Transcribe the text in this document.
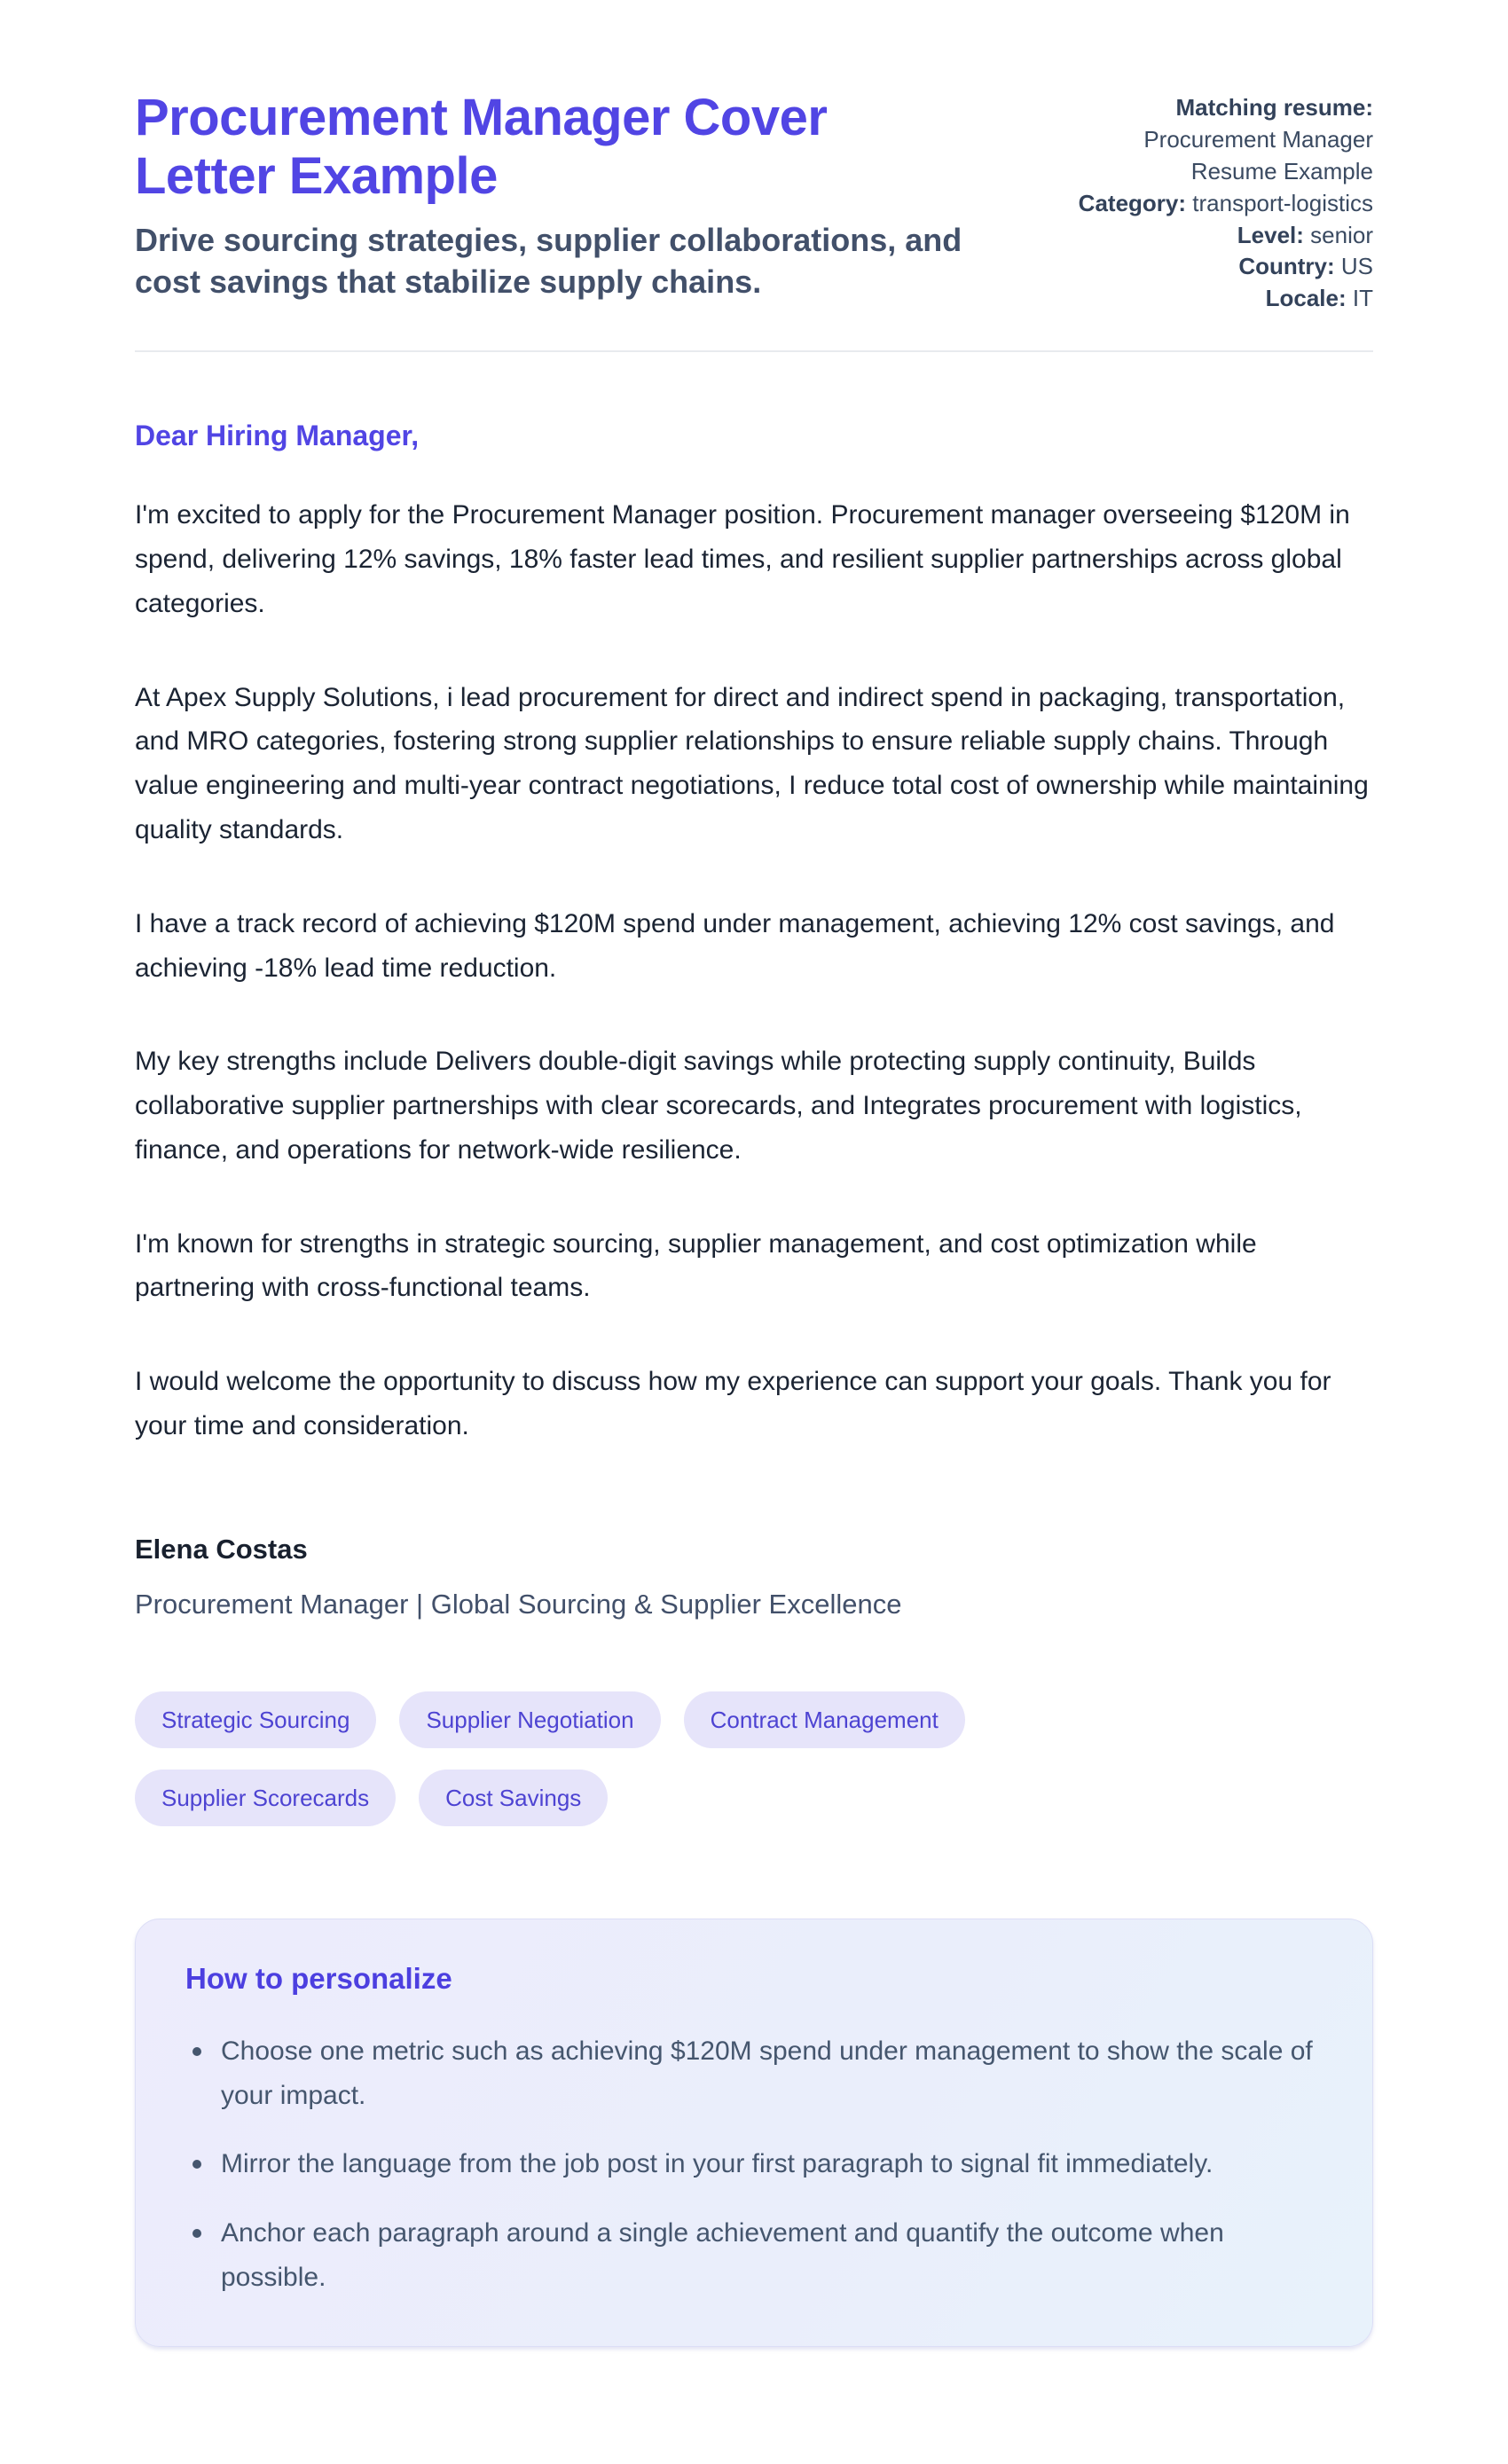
Procurement Manager Cover Letter Example

Drive sourcing strategies, supplier collaborations, and cost savings that stabilize supply chains.

Matching resume:
Procurement Manager Resume Example
Category: transport-logistics
Level: senior
Country: US
Locale: IT

Dear Hiring Manager,

I'm excited to apply for the Procurement Manager position. Procurement manager overseeing $120M in spend, delivering 12% savings, 18% faster lead times, and resilient supplier partnerships across global categories.

At Apex Supply Solutions, i lead procurement for direct and indirect spend in packaging, transportation, and MRO categories, fostering strong supplier relationships to ensure reliable supply chains. Through value engineering and multi-year contract negotiations, I reduce total cost of ownership while maintaining quality standards.

I have a track record of achieving $120M spend under management, achieving 12% cost savings, and achieving -18% lead time reduction.

My key strengths include Delivers double-digit savings while protecting supply continuity, Builds collaborative supplier partnerships with clear scorecards, and Integrates procurement with logistics, finance, and operations for network-wide resilience.

I'm known for strengths in strategic sourcing, supplier management, and cost optimization while partnering with cross-functional teams.

I would welcome the opportunity to discuss how my experience can support your goals. Thank you for your time and consideration.

Elena Costas

Procurement Manager | Global Sourcing & Supplier Excellence

Strategic Sourcing	Supplier Negotiation	Contract Management
Supplier Scorecards	Cost Savings
How to personalize
Choose one metric such as achieving $120M spend under management to show the scale of your impact.
Mirror the language from the job post in your first paragraph to signal fit immediately.
Anchor each paragraph around a single achievement and quantify the outcome when possible.
